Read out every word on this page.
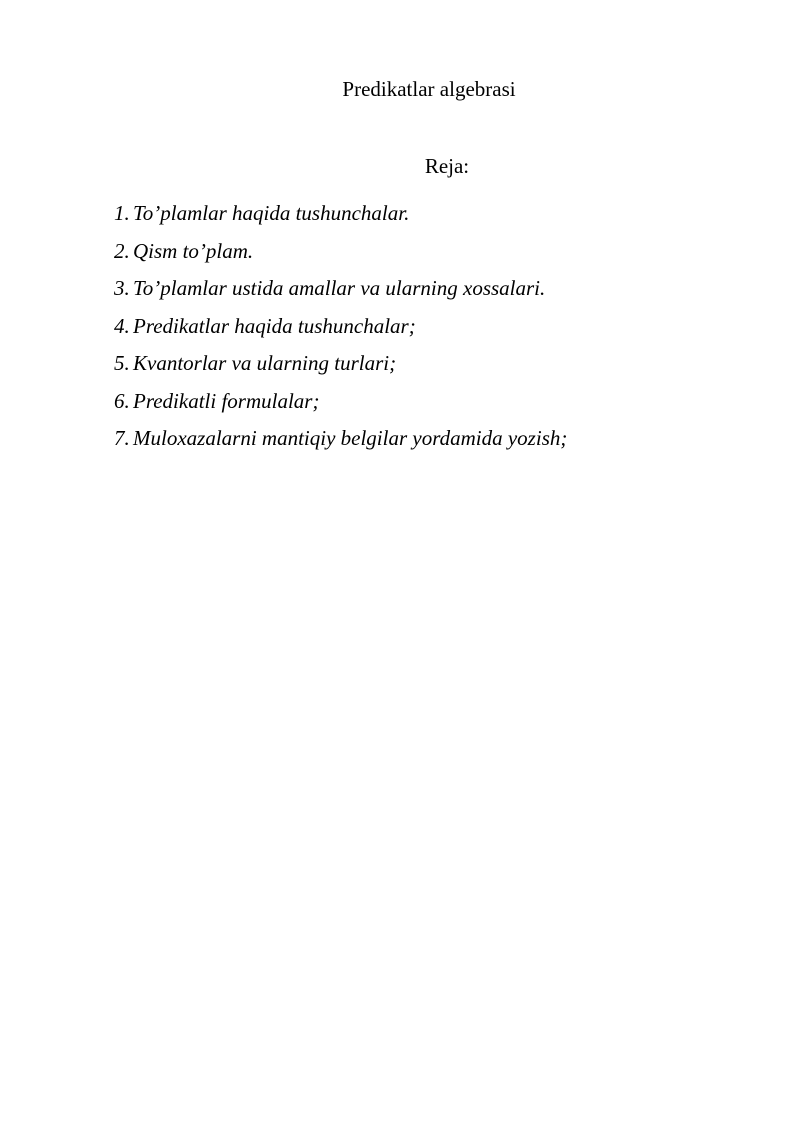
Predikatlar algebrasi
Reja:
1. To’plamlar haqida tushunchalar.
2. Qism to’plam.
3. To’plamlar ustida amallar va ularning xossalari.
4. Predikatlar haqida tushunchalar;
5. Kvantorlar va ularning turlari;
6. Predikatli formulalar;
7. Muloxazalarni mantiqiy belgilar yordamida yozish;
